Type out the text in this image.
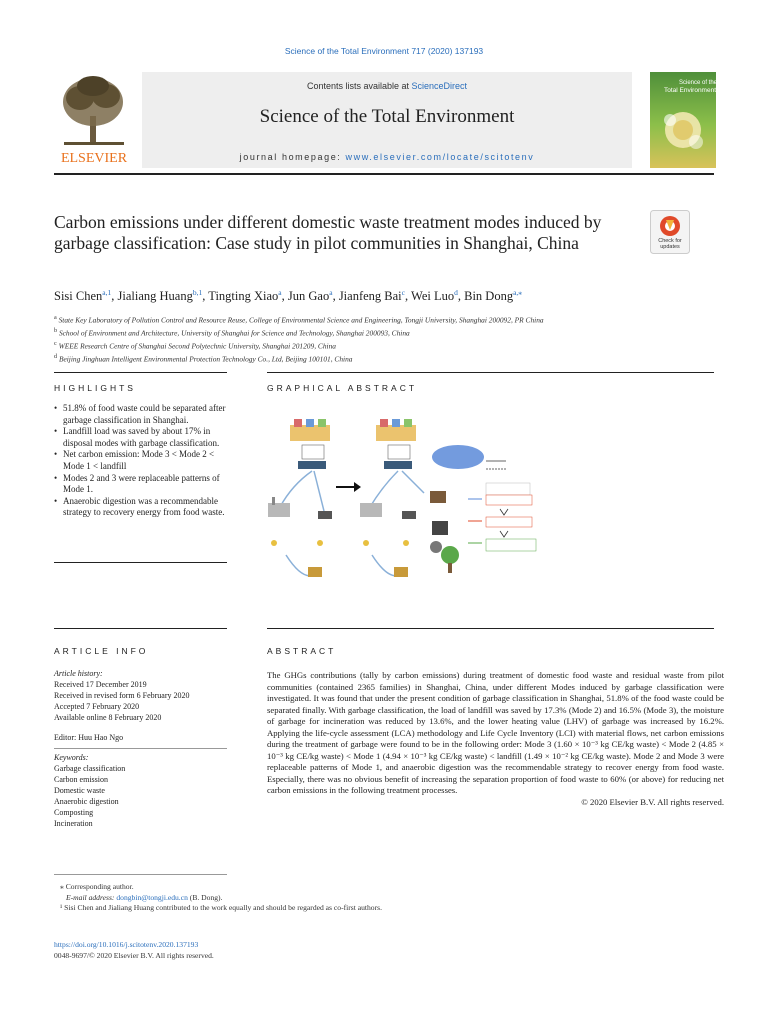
Science of the Total Environment 717 (2020) 137193
ELSEVIER
Contents lists available at ScienceDirect
Science of the Total Environment
journal homepage: www.elsevier.com/locate/scitotenv
Science of the
Total Environment
Carbon emissions under different domestic waste treatment modes induced by garbage classification: Case study in pilot communities in Shanghai, China	Check for updates
Sisi Chen$^{a,1}$, Jialiang Huang$^{b,1}$, Tingting Xiao$^a$, Jun Gao$^a$, Jianfeng Bai$^c$, Wei Luo$^d$, Bin Dong$^{a,⁎}$
$^a$ State Key Laboratory of Pollution Control and Resource Reuse, College of Environmental Science and Engineering, Tongji University, Shanghai 200092, PR China
$^b$ School of Environment and Architecture, University of Shanghai for Science and Technology, Shanghai 200093, China
$^c$ WEEE Research Centre of Shanghai Second Polytechnic University, Shanghai 201209, China
$^d$ Beijing Jinghuan Intelligent Environmental Protection Technology Co., Ltd, Beijing 100101, China
HIGHLIGHTS
• 51.8% of food waste could be separated after garbage classification in Shanghai.
• Landfill load was saved by about 17% in disposal modes with garbage classification.
• Net carbon emission: Mode 3 < Mode 2 < Mode 1 < landfill
• Modes 2 and 3 were replaceable patterns of Mode 1.
• Anaerobic digestion was a recommendable strategy to recovery energy from food waste.
GRAPHICAL ABSTRACT
ARTICLE INFO
Article history:
Received 17 December 2019
Received in revised form 6 February 2020
Accepted 7 February 2020
Available online 8 February 2020
Editor: Huu Hao Ngo
Keywords:
Garbage classification
Carbon emission
Domestic waste
Anaerobic digestion
Composting
Incineration
ABSTRACT
The GHGs contributions (tally by carbon emissions) during treatment of domestic food waste and residual waste from pilot communities (contained 2365 families) in Shanghai, China, under different Modes induced by garbage classification were investigated. It was found that under the present condition of garbage classification in Shanghai, 51.8% of the food waste could be separated finally. With garbage classification, the load of landfill was saved by 17.3% (Mode 2) and 16.5% (Mode 3), the moisture of garbage for incineration was reduced by 13.6%, and the lower heating value (LHV) of garbage was increased by 16.2%. Applying the life-cycle assessment (LCA) methodology and Life Cycle Inventory (LCI) with material flows, net carbon emissions during the treatment of garbage were found to be in the following order: Mode 3 (1.60 × 10⁻³ kg CE/kg waste) < Mode 2 (4.85 × 10⁻³ kg CE/kg waste) < Mode 1 (4.94 × 10⁻³ kg CE/kg waste) < landfill (1.49 × 10⁻² kg CE/kg waste). Mode 2 and Mode 3 were replaceable patterns of Mode 1, and anaerobic digestion was the recommendable strategy to recover energy from food waste. Especially, there was no obvious benefit of increasing the separation proportion of food waste to 60% (or above) for reducing net carbon emissions in the following treatment processes.
© 2020 Elsevier B.V. All rights reserved.
⁎ Corresponding author.
E-mail address: dongbin@tongji.edu.cn (B. Dong).
¹ Sisi Chen and Jialiang Huang contributed to the work equally and should be regarded as co-first authors.
https://doi.org/10.1016/j.scitotenv.2020.137193
0048-9697/© 2020 Elsevier B.V. All rights reserved.
